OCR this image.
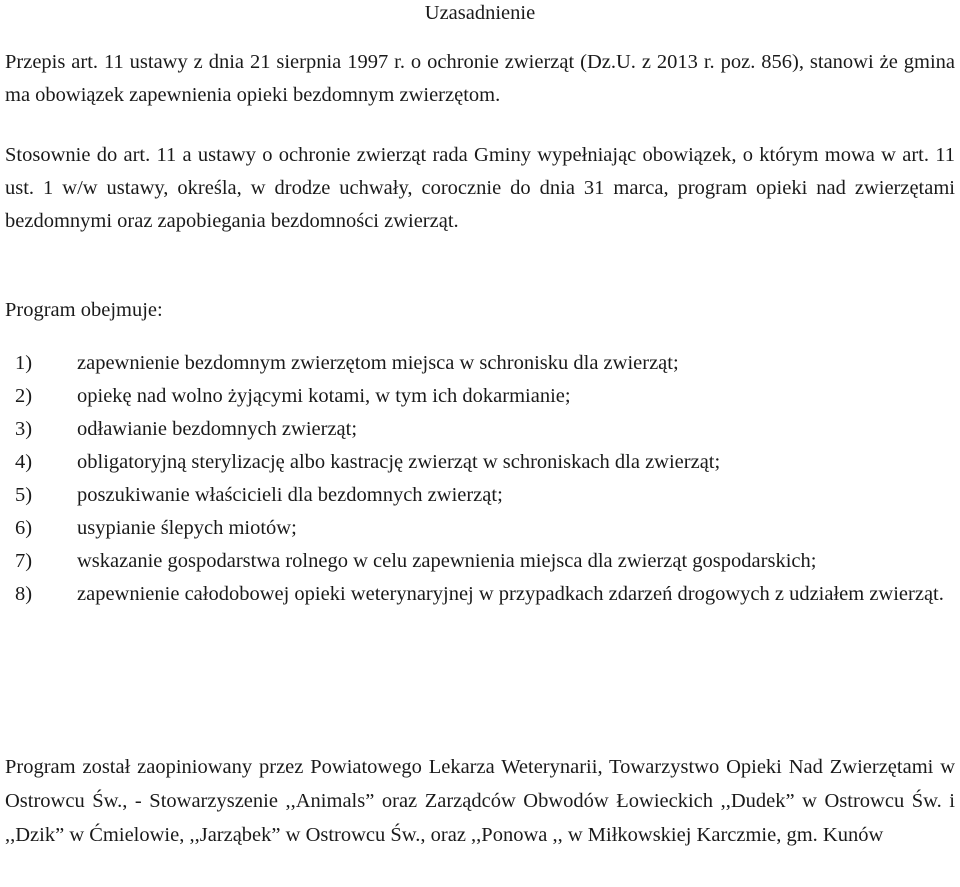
Uzasadnienie

Przepis art. 11 ustawy z dnia 21 sierpnia 1997 r. o ochronie zwierząt (Dz.U. z 2013 r. poz. 856), stanowi że gmina ma obowiązek zapewnienia opieki bezdomnym zwierzętom.

Stosownie do art. 11 a ustawy o ochronie zwierząt rada Gminy wypełniając obowiązek, o którym mowa w art. 11 ust. 1 w/w ustawy, określa, w drodze uchwały, corocznie do dnia 31 marca, program opieki nad zwierzętami bezdomnymi oraz zapobiegania bezdomności zwierząt.

Program obejmuje:

1) zapewnienie bezdomnym zwierzętom miejsca w schronisku dla zwierząt;
2) opiekę nad wolno żyjącymi kotami, w tym ich dokarmianie;
3) odławianie bezdomnych zwierząt;
4) obligatoryjną sterylizację albo kastrację zwierząt w schroniskach dla zwierząt;
5) poszukiwanie właścicieli dla bezdomnych zwierząt;
6) usypianie ślepych miotów;
7) wskazanie gospodarstwa rolnego w celu zapewnienia miejsca dla zwierząt gospodarskich;
8) zapewnienie całodobowej opieki weterynaryjnej w przypadkach zdarzeń drogowych z udziałem zwierząt.

Program został zaopiniowany przez Powiatowego Lekarza Weterynarii, Towarzystwo Opieki Nad Zwierzętami w Ostrowcu Św., - Stowarzyszenie ,,Animals” oraz Zarządców Obwodów Łowieckich ,,Dudek” w Ostrowcu Św. i ,,Dzik” w Ćmielowie, ,,Jarząbek” w Ostrowcu Św., oraz ,,Ponowa ,, w Miłkowskiej Karczmie, gm. Kunów
